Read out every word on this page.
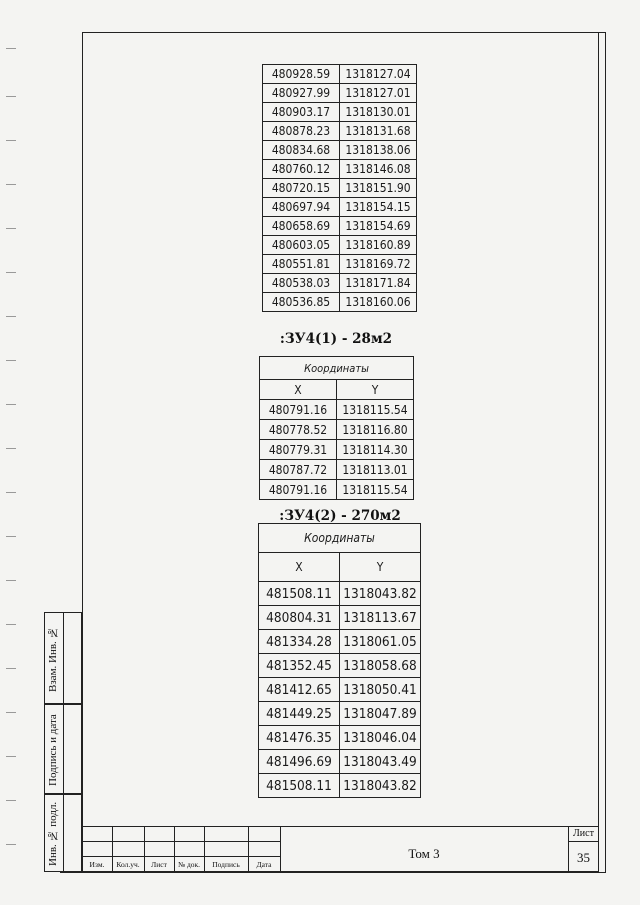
480928.59	1318127.04
480927.99	1318127.01
480903.17	1318130.01
480878.23	1318131.68
480834.68	1318138.06
480760.12	1318146.08
480720.15	1318151.90
480697.94	1318154.15
480658.69	1318154.69
480603.05	1318160.89
480551.81	1318169.72
480538.03	1318171.84
480536.85	1318160.06
:ЗУ4(1) - 28м2
Координаты	
X	Y
480791.16	1318115.54
480778.52	1318116.80
480779.31	1318114.30
480787.72	1318113.01
480791.16	1318115.54
:ЗУ4(2) - 270м2
Координаты	
X	Y
481508.11	1318043.82
480804.31	1318113.67
481334.28	1318061.05
481352.45	1318058.68
481412.65	1318050.41
481449.25	1318047.89
481476.35	1318046.04
481496.69	1318043.49
481508.11	1318043.82
Взам. Инв. №
Подпись и дата
Инв. № подл.	Изм.	Кол.уч.	Лист	№ док.	Подпись	Дата
Том 3
Лист
35
